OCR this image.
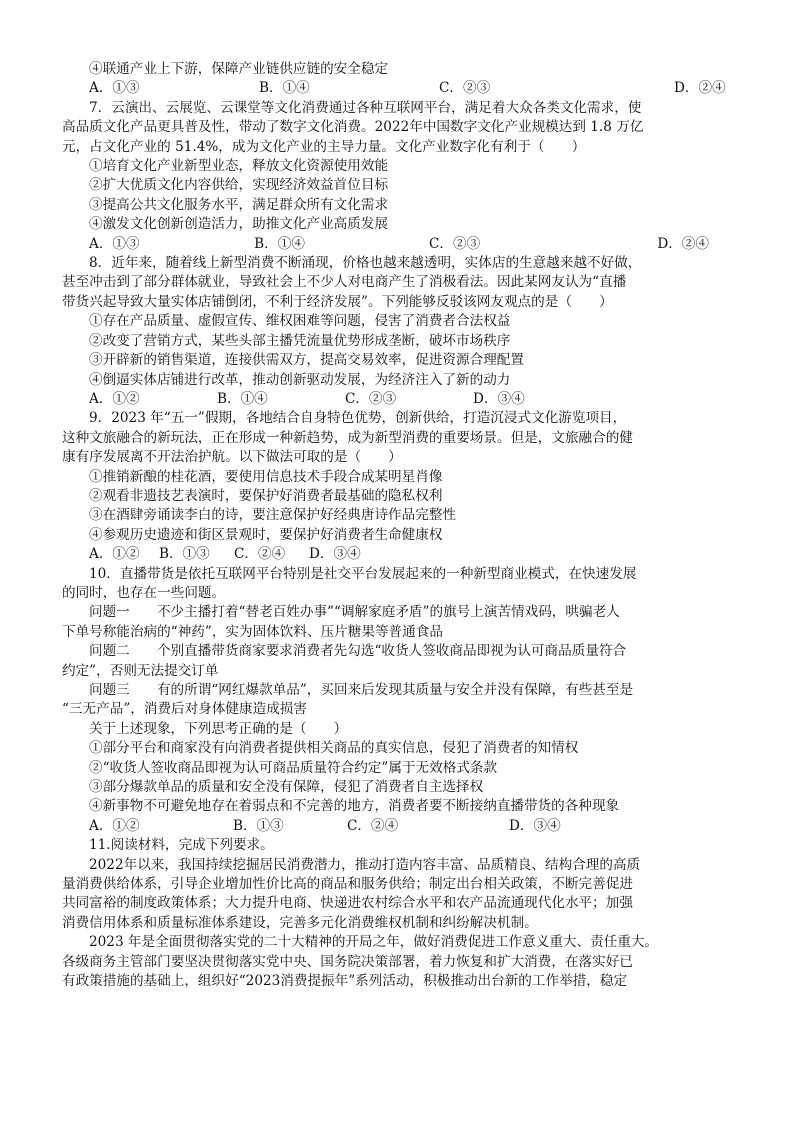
④联通产业上下游，保障产业链供应链的安全稳定
A．①③	B．①④	C．②③	D．②④
7．云演出、云展览、云课堂等文化消费通过各种互联网平台，满足着大众各类文化需求，使
高品质文化产品更具普及性，带动了数字文化消费。2022年中国数字文化产业规模达到 1.8 万亿
元，占文化产业的 51.4%，成为文化产业的主导力量。文化产业数字化有利于（　　）
①培育文化产业新型业态，释放文化资源使用效能
②扩大优质文化内容供给，实现经济效益首位目标
③提高公共文化服务水平，满足群众所有文化需求
④激发文化创新创造活力，助推文化产业高质发展
A．①③	B．①④	C．②③	D．②④
8．近年来，随着线上新型消费不断涌现，价格也越来越透明，实体店的生意越来越不好做，
甚至冲击到了部分群体就业，导致社会上不少人对电商产生了消极看法。因此某网友认为“直播
带货兴起导致大量实体店铺倒闭，不利于经济发展”。下列能够反驳该网友观点的是（　　）
①存在产品质量、虚假宣传、维权困难等问题，侵害了消费者合法权益
②改变了营销方式，某些头部主播凭流量优势形成垄断，破坏市场秩序
③开辟新的销售渠道，连接供需双方，提高交易效率，促进资源合理配置
④倒逼实体店铺进行改革，推动创新驱动发展，为经济注入了新的动力
A．①②	B．①④	C．②③	D．③④
9．2023 年“五一”假期，各地结合自身特色优势，创新供给，打造沉浸式文化游览项目，
这种文旅融合的新玩法，正在形成一种新趋势，成为新型消费的重要场景。但是，文旅融合的健
康有序发展离不开法治护航。以下做法可取的是（　　）
①推销新酿的桂花酒，要使用信息技术手段合成某明星肖像
②观看非遗技艺表演时，要保护好消费者最基础的隐私权利
③在酒肆旁诵读李白的诗，要注意保护好经典唐诗作品完整性
④参观历史遗迹和街区景观时，要保护好消费者生命健康权
A．①②	B．①③	C．②④	D．③④
10．直播带货是依托互联网平台特别是社交平台发展起来的一种新型商业模式，在快速发展
的同时，也存在一些问题。
问题一　　不少主播打着“替老百姓办事”“调解家庭矛盾”的旗号上演苦情戏码，哄骗老人
下单号称能治病的“神药”，实为固体饮料、压片糖果等普通食品
问题二　　个别直播带货商家要求消费者先勾选“收货人签收商品即视为认可商品质量符合
约定”，否则无法提交订单
问题三　　有的所谓“网红爆款单品”，买回来后发现其质量与安全并没有保障，有些甚至是
“三无产品”，消费后对身体健康造成损害
关于上述现象，下列思考正确的是（　　）
①部分平台和商家没有向消费者提供相关商品的真实信息，侵犯了消费者的知情权
②“收货人签收商品即视为认可商品质量符合约定”属于无效格式条款
③部分爆款单品的质量和安全没有保障，侵犯了消费者自主选择权
④新事物不可避免地存在着弱点和不完善的地方，消费者要不断接纳直播带货的各种现象
A．①②	B．①③	C．②④	D．③④
11.阅读材料，完成下列要求。
2022年以来，我国持续挖掘居民消费潜力，推动打造内容丰富、品质精良、结构合理的高质
量消费供给体系，引导企业增加性价比高的商品和服务供给；制定出台相关政策，不断完善促进
共同富裕的制度政策体系；大力提升电商、快递进农村综合水平和农产品流通现代化水平；加强
消费信用体系和质量标准体系建设，完善多元化消费维权机制和纠纷解决机制。
2023 年是全面贯彻落实党的二十大精神的开局之年，做好消费促进工作意义重大、责任重大。
各级商务主管部门要坚决贯彻落实党中央、国务院决策部署，着力恢复和扩大消费，在落实好已
有政策措施的基础上，组织好“2023消费提振年”系列活动，积极推动出台新的工作举措，稳定
